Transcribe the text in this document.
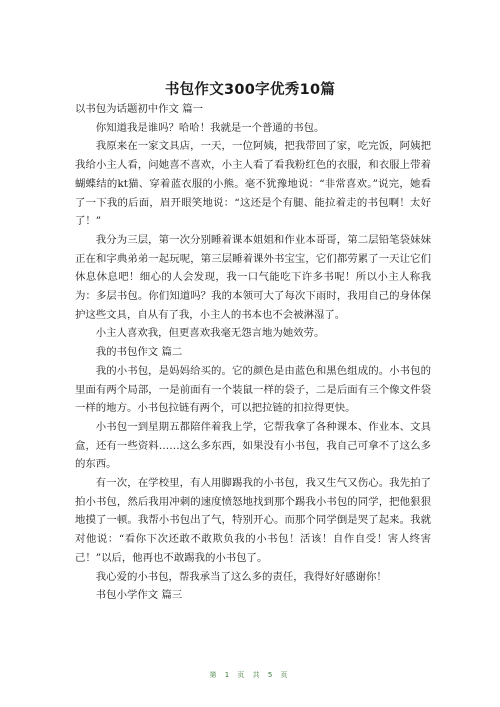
书包作文300字优秀10篇

以书包为话题初中作文 篇一

你知道我是谁吗？哈哈！我就是一个普通的书包。

我原来在一家文具店，一天，一位阿姨，把我带回了家，吃完饭，阿姨把我给小主人看，问她喜不喜欢，小主人看了看我粉红色的衣服，和衣服上带着蝴蝶结的kt猫、穿着蓝衣服的小熊。毫不犹豫地说：“非常喜欢。”说完，她看了一下我的后面，眉开眼笑地说：“这还是个有腿、能拉着走的书包啊！太好了！”

我分为三层，第一次分别睡着课本姐姐和作业本哥哥，第二层铅笔袋妹妹正在和字典弟弟一起玩呢，第三层睡着课外书宝宝，它们都劳累了一天让它们休息休息吧！细心的人会发现，我一口气能吃下许多书呢！所以小主人称我为：多层书包。你们知道吗？我的本领可大了每次下雨时，我用自己的身体保护这些文具，自从有了我，小主人的书本也不会被淋湿了。

小主人喜欢我，但更喜欢我毫无怨言地为她效劳。

我的书包作文 篇二

我的小书包，是妈妈给买的。它的颜色是由蓝色和黑色组成的。小书包的里面有两个局部，一是前面有一个装鼠一样的袋子，二是后面有三个像文件袋一样的地方。小书包拉链有两个，可以把拉链的扣拉得更快。

小书包一到星期五都陪伴着我上学，它帮我拿了各种课本、作业本、文具盒，还有一些资料……这么多东西，如果没有小书包，我自己可拿不了这么多的东西。

有一次，在学校里，有人用脚踢我的小书包，我又生气又伤心。我先拍了拍小书包，然后我用冲刺的速度愤怒地找到那个踢我小书包的同学，把他狠狠地摸了一顿。我帮小书包出了气，特别开心。而那个同学倒是哭了起来。我就对他说：“看你下次还敢不敢欺负我的小书包！活该！自作自受！害人终害己！”以后，他再也不敢踢我的小书包了。

我心爱的小书包，帮我承当了这么多的责任，我得好好感谢你！

书包小学作文 篇三

第 1 页 共 5 页
